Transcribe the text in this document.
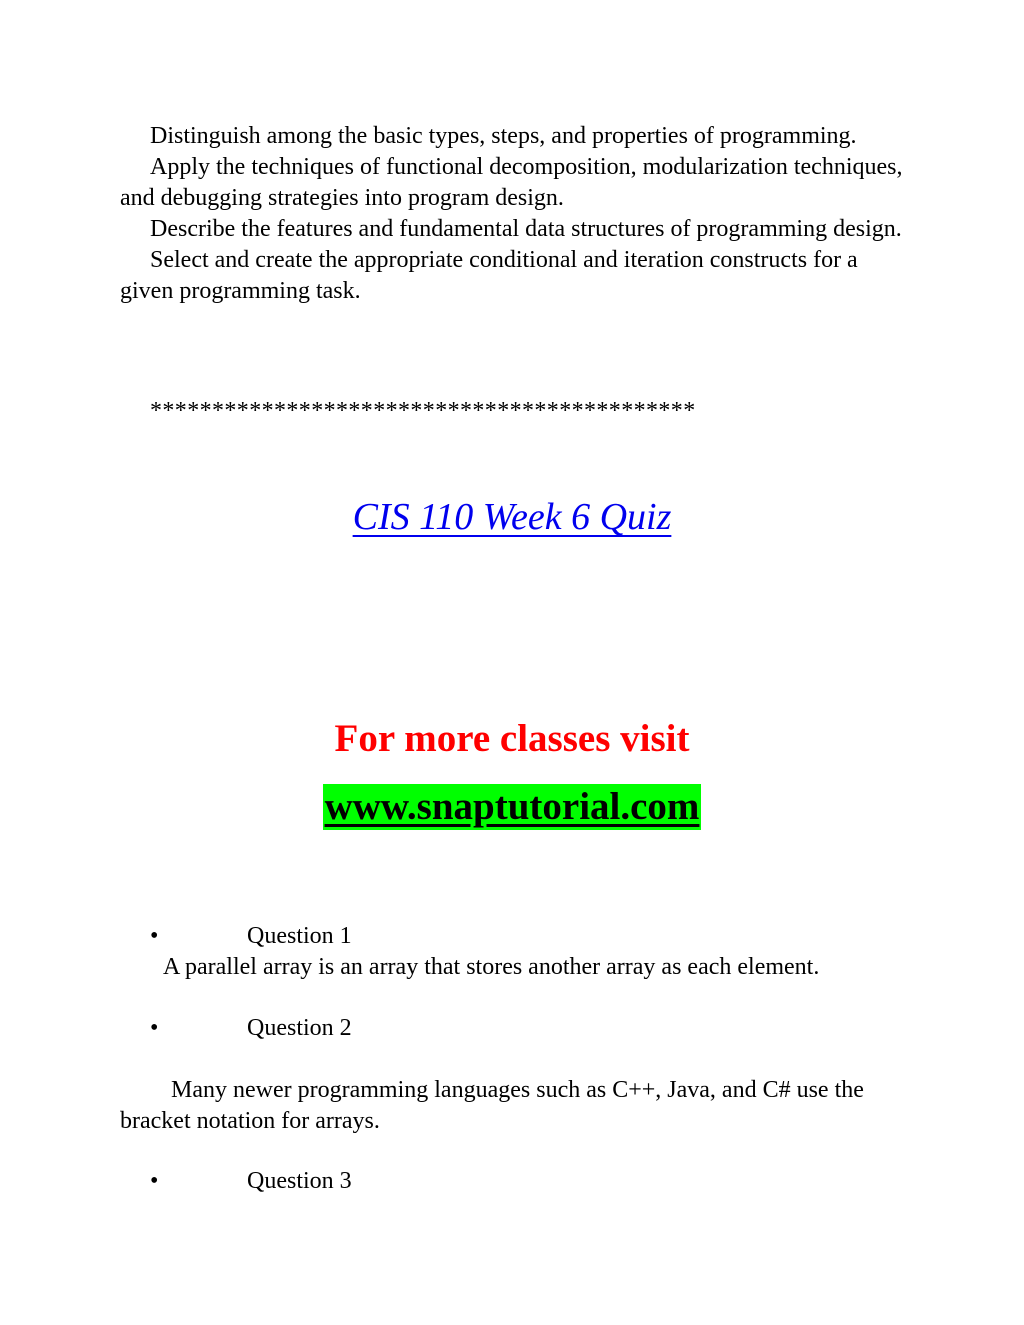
Distinguish among the basic types, steps, and properties of programming.

Apply the techniques of functional decomposition, modularization techniques, and debugging strategies into program design.

Describe the features and fundamental data structures of programming design.

Select and create the appropriate conditional and iteration constructs for a given programming task.

********************************************
CIS 110 Week 6 Quiz
For more classes visit
www.snaptutorial.com
•	Question 1
A parallel array is an array that stores another array as each element.
•	Question 2
Many newer programming languages such as C++, Java, and C# use the bracket notation for arrays.
•	Question 3
